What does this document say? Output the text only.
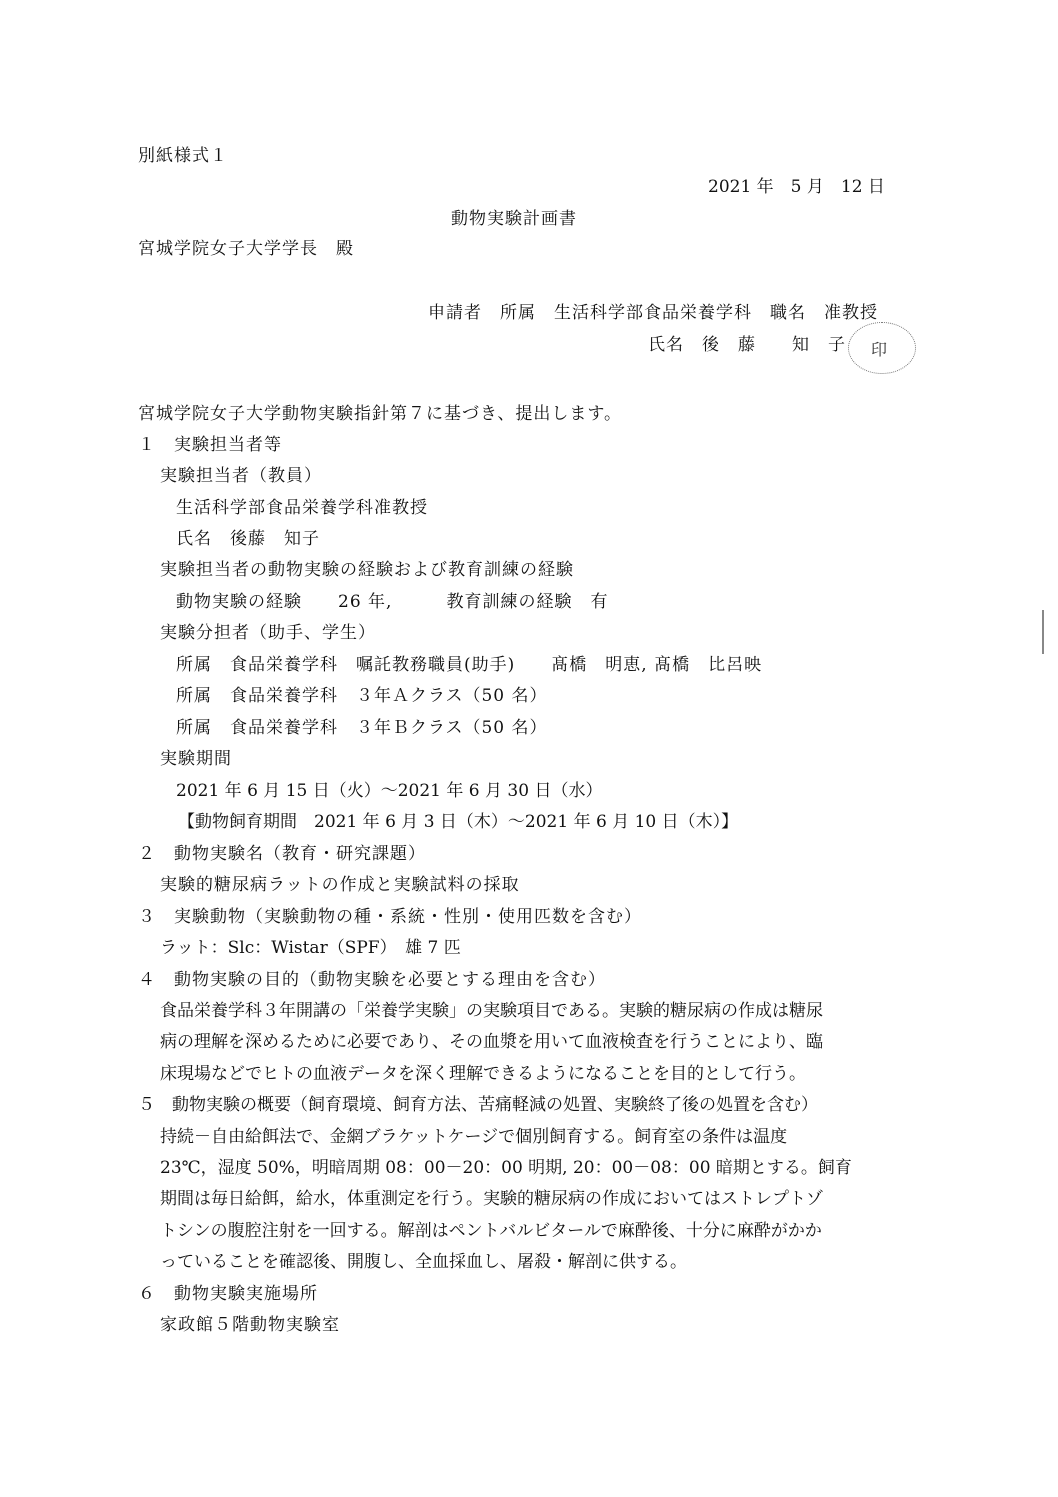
別紙様式１
2021 年　5 月　12 日
動物実験計画書
宮城学院女子大学学長　殿
申請者　所属　生活科学部食品栄養学科　職名　准教授
氏名　後　藤　　知　子 印
宮城学院女子大学動物実験指針第７に基づき、提出します。
１　実験担当者等
実験担当者（教員）
生活科学部食品栄養学科准教授
氏名　後藤　知子
実験担当者の動物実験の経験および教育訓練の経験
動物実験の経験　　26 年,　　　教育訓練の経験　有
実験分担者（助手、学生）
所属　食品栄養学科　嘱託教務職員(助手)　　髙橋　明恵, 髙橋　比呂映
所属　食品栄養学科　３年Ａクラス（50 名）
所属　食品栄養学科　３年Ｂクラス（50 名）
実験期間
2021 年 6 月 15 日（火）～2021 年 6 月 30 日（水）
【動物飼育期間　2021 年 6 月 3 日（木）～2021 年 6 月 10 日（木）】
２　動物実験名（教育・研究課題）
実験的糖尿病ラットの作成と実験試料の採取
３　実験動物（実験動物の種・系統・性別・使用匹数を含む）
ラット：Slc：Wistar（SPF）　雄 7 匹
４　動物実験の目的（動物実験を必要とする理由を含む）
食品栄養学科３年開講の「栄養学実験」の実験項目である。実験的糖尿病の作成は糖尿
病の理解を深めるために必要であり、その血漿を用いて血液検査を行うことにより、臨
床現場などでヒトの血液データを深く理解できるようになることを目的として行う。
５　動物実験の概要（飼育環境、飼育方法、苦痛軽減の処置、実験終了後の処置を含む）
持続－自由給餌法で、金網ブラケットケージで個別飼育する。飼育室の条件は温度
23℃，湿度 50%，明暗周期 08：00－20：00 明期, 20：00－08：00 暗期とする。飼育
期間は毎日給餌，給水，体重測定を行う。実験的糖尿病の作成においてはストレプトゾ
トシンの腹腔注射を一回する。解剖はペントバルビタールで麻酔後、十分に麻酔がかか
っていることを確認後、開腹し、全血採血し、屠殺・解剖に供する。
６　動物実験実施場所
家政館５階動物実験室
